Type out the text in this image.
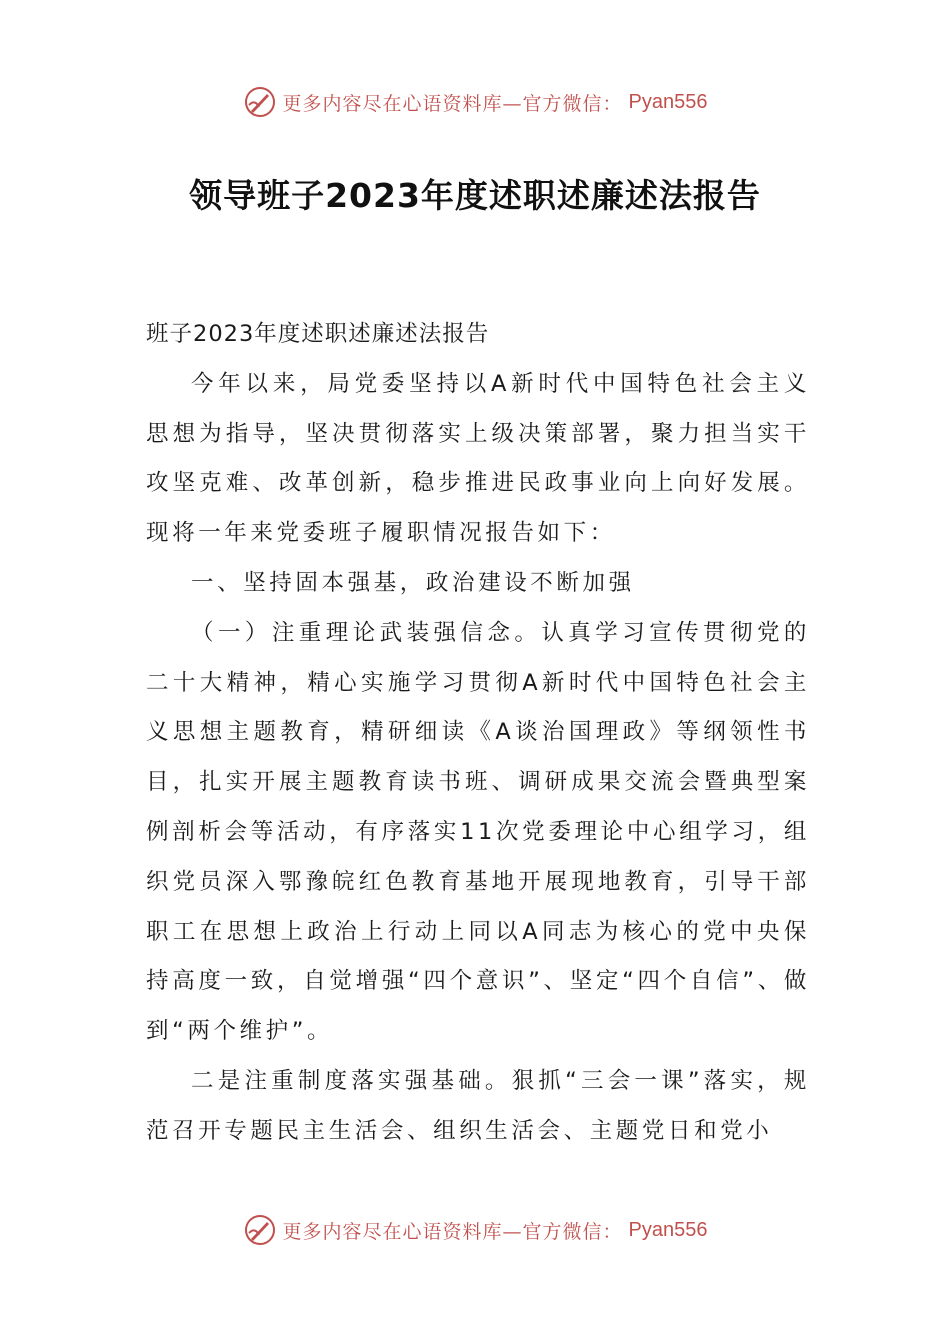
更多内容尽在心语资料库—官方微信： Pyan556
领导班子2023年度述职述廉述法报告

班子2023年度述职述廉述法报告

今年以来，局党委坚持以A新时代中国特色社会主义思想为指导，坚决贯彻落实上级决策部署，聚力担当实干攻坚克难、改革创新，稳步推进民政事业向上向好发展。现将一年来党委班子履职情况报告如下：

一、坚持固本强基，政治建设不断加强

（一）注重理论武装强信念。认真学习宣传贯彻党的二十大精神，精心实施学习贯彻A新时代中国特色社会主义思想主题教育，精研细读《A谈治国理政》等纲领性书目，扎实开展主题教育读书班、调研成果交流会暨典型案例剖析会等活动，有序落实11次党委理论中心组学习，组织党员深入鄂豫皖红色教育基地开展现地教育，引导干部职工在思想上政治上行动上同以A同志为核心的党中央保持高度一致，自觉增强“四个意识”、坚定“四个自信”、做到“两个维护”。

二是注重制度落实强基础。狠抓“三会一课”落实，规范召开专题民主生活会、组织生活会、主题党日和党小

更多内容尽在心语资料库—官方微信： Pyan556
